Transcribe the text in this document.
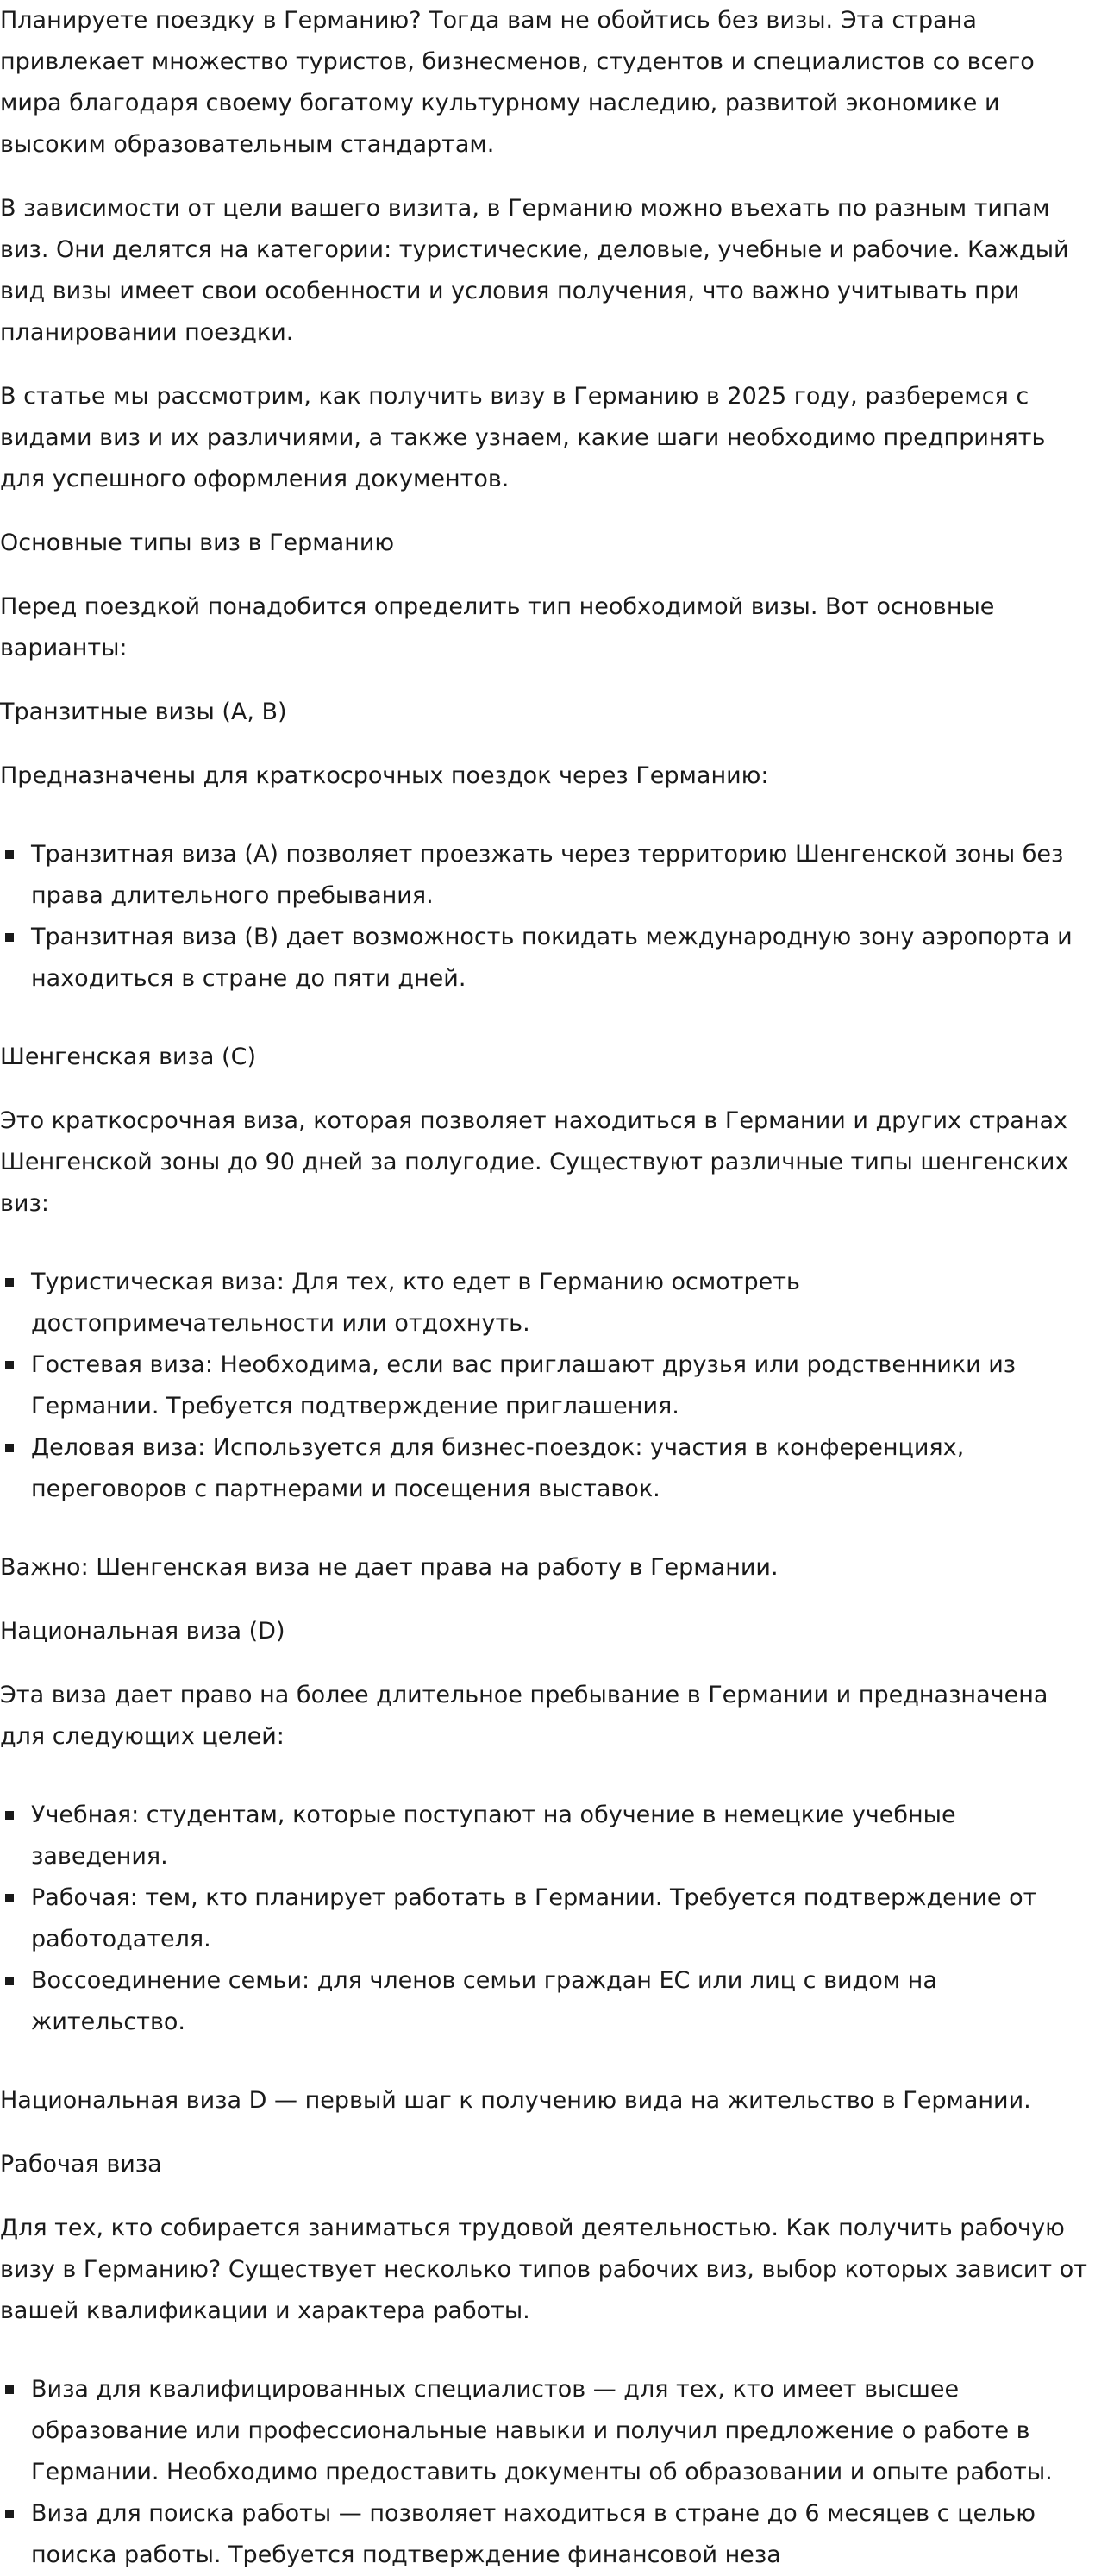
Планируете поездку в Германию? Тогда вам не обойтись без визы. Эта страна привлекает множество туристов, бизнесменов, студентов и специалистов со всего мира благодаря своему богатому культурному наследию, развитой экономике и высоким образовательным стандартам.

В зависимости от цели вашего визита, в Германию можно въехать по разным типам виз. Они делятся на категории: туристические, деловые, учебные и рабочие. Каждый вид визы имеет свои особенности и условия получения, что важно учитывать при планировании поездки.

В статье мы рассмотрим, как получить визу в Германию в 2025 году, разберемся с видами виз и их различиями, а также узнаем, какие шаги необходимо предпринять для успешного оформления документов.

Основные типы виз в Германию

Перед поездкой понадобится определить тип необходимой визы. Вот основные варианты:

Транзитные визы (A, B)

Предназначены для краткосрочных поездок через Германию:

Транзитная виза (А) позволяет проезжать через территорию Шенгенской зоны без права длительного пребывания.
Транзитная виза (B) дает возможность покидать международную зону аэропорта и находиться в стране до пяти дней.

Шенгенская виза (C)

Это краткосрочная виза, которая позволяет находиться в Германии и других странах Шенгенской зоны до 90 дней за полугодие. Существуют различные типы шенгенских виз:

Туристическая виза: Для тех, кто едет в Германию осмотреть достопримечательности или отдохнуть.
Гостевая виза: Необходима, если вас приглашают друзья или родственники из Германии. Требуется подтверждение приглашения.
Деловая виза: Используется для бизнес-поездок: участия в конференциях, переговоров с партнерами и посещения выставок.

Важно: Шенгенская виза не дает права на работу в Германии.

Национальная виза (D)

Эта виза дает право на более длительное пребывание в Германии и предназначена для следующих целей:

Учебная: студентам, которые поступают на обучение в немецкие учебные заведения.
Рабочая: тем, кто планирует работать в Германии. Требуется подтверждение от работодателя.
Воссоединение семьи: для членов семьи граждан ЕС или лиц с видом на жительство.

Национальная виза D — первый шаг к получению вида на жительство в Германии.

Рабочая виза

Для тех, кто собирается заниматься трудовой деятельностью. Как получить рабочую визу в Германию? Существует несколько типов рабочих виз, выбор которых зависит от вашей квалификации и характера работы.

Виза для квалифицированных специалистов — для тех, кто имеет высшее образование или профессиональные навыки и получил предложение о работе в Германии. Необходимо предоставить документы об образовании и опыте работы.
Виза для поиска работы — позволяет находиться в стране до 6 месяцев с целью поиска работы. Требуется подтверждение финансовой неза
